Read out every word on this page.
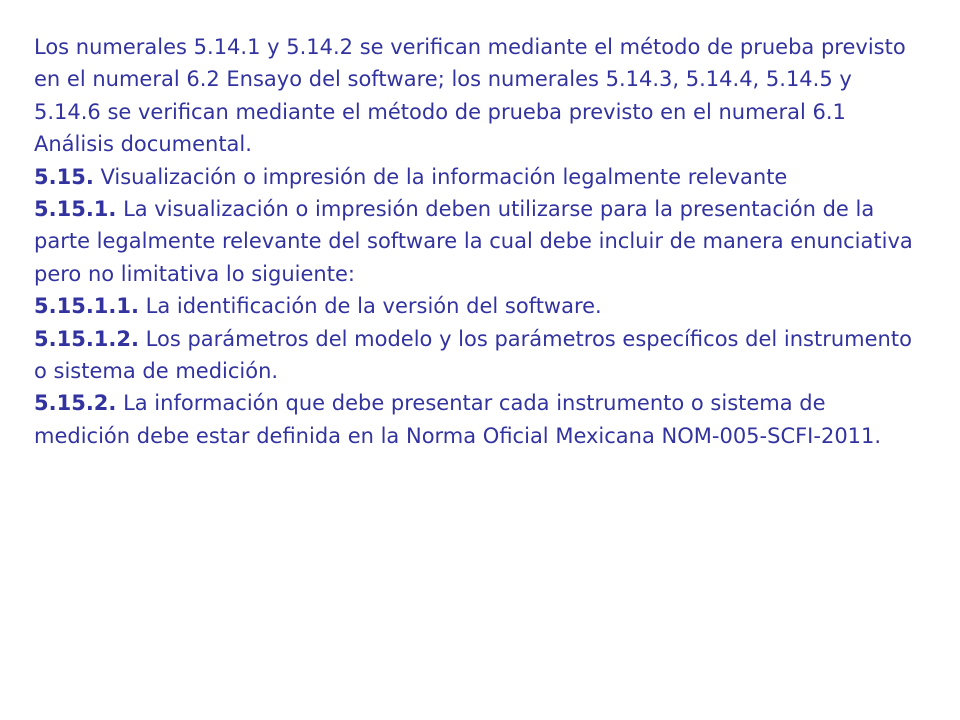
Los numerales 5.14.1 y 5.14.2 se verifican mediante el método de prueba previsto en el numeral 6.2 Ensayo del software; los numerales 5.14.3, 5.14.4, 5.14.5 y 5.14.6 se verifican mediante el método de prueba previsto en el numeral 6.1 Análisis documental.

5.15. Visualización o impresión de la información legalmente relevante

5.15.1. La visualización o impresión deben utilizarse para la presentación de la parte legalmente relevante del software la cual debe incluir de manera enunciativa pero no limitativa lo siguiente:

5.15.1.1. La identificación de la versión del software.

5.15.1.2. Los parámetros del modelo y los parámetros específicos del instrumento o sistema de medición.

5.15.2. La información que debe presentar cada instrumento o sistema de medición debe estar definida en la Norma Oficial Mexicana NOM-005-SCFI-2011.
